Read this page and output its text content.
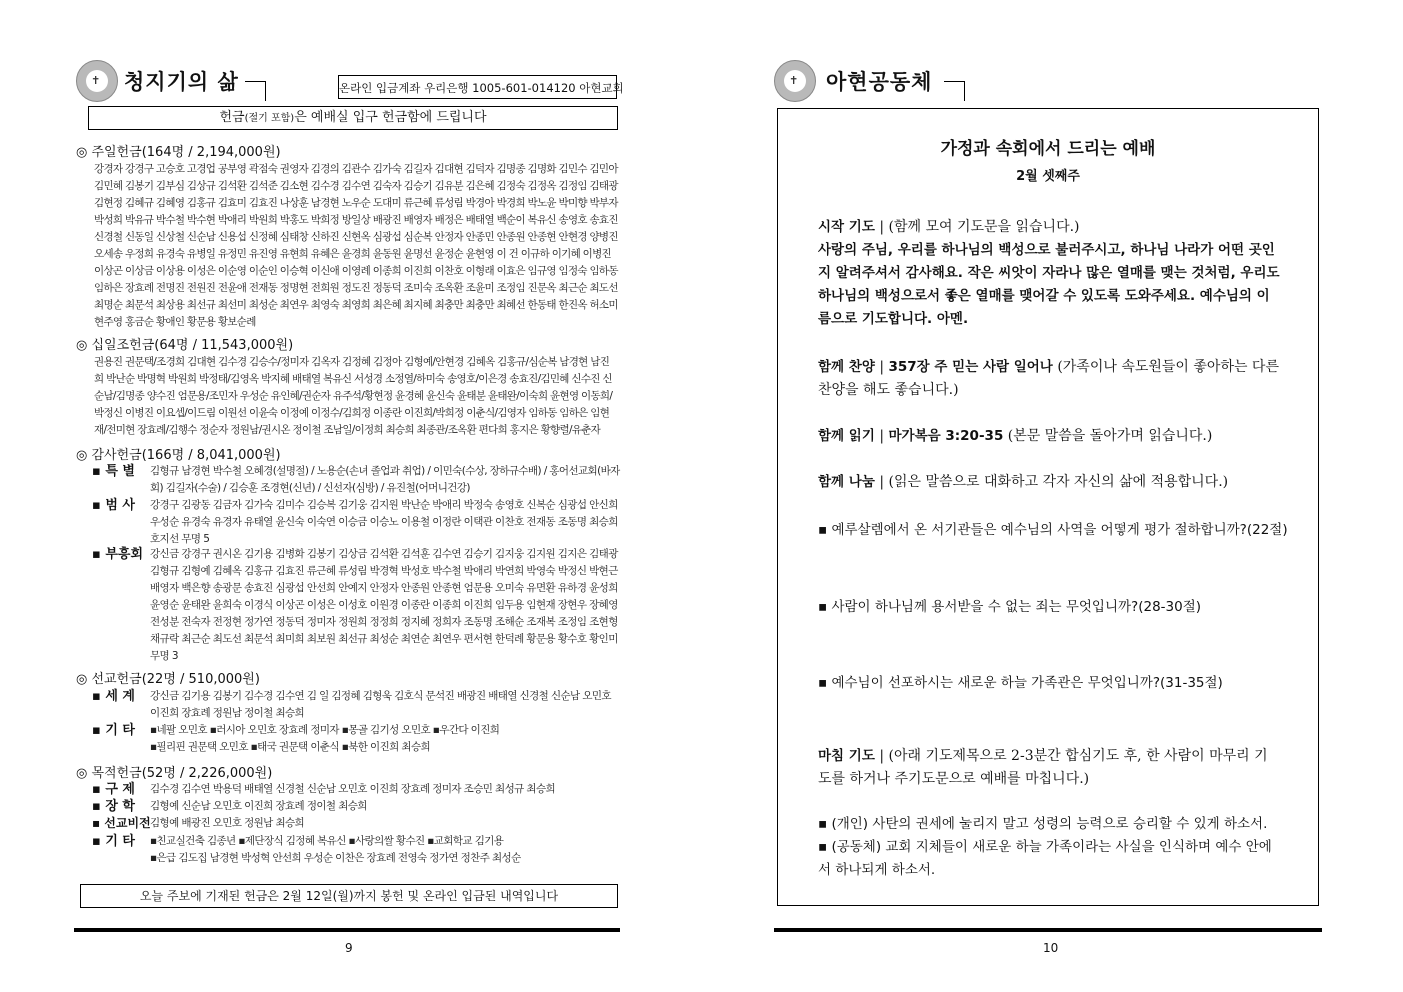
✝ 청지기의 삶	온라인 입금계좌 우리은행 1005-601-014120 아현교회
헌금(절기 포함)은 예배실 입구 헌금함에 드립니다
◎ 주일헌금(164명 / 2,194,000원)
강경자 강경구 고승호 고경업 공부영 곽점숙 권영자 김경의 김관수 김가숙 김길자 김대현 김덕자 김명종 김명화 김민수 김민아 김민혜 김봉기 김부심 김상규 김석환 김석준 김소현 김수경 김수연 김숙자 김승기 김유분 김은혜 김정숙 김정옥 김정임 김태광 김현정 김혜규 김혜영 김홍규 김효미 김효진 나상훈 남경현 노우순 도대미 류근혜 류성림 박경아 박경희 박노윤 박미향 박부자 박성희 박유규 박수철 박수현 박애리 박원희 박홍도 박희정 방일상 배광진 배영자 배정은 배태열 백순이 복유신 송영호 송효진 신경철 신동일 신상철 신순남 신용섭 신정혜 심태창 신하진 신현옥 심광섭 심순복 안정자 안종민 안종원 안종현 안현경 양병진 오세송 우정희 유경숙 유병일 유정민 유진영 유현희 유혜은 윤경희 윤동원 윤명선 윤정순 윤현영 이 건 이규하 이기혜 이병진 이상곤 이상금 이상용 이성은 이순영 이순인 이승혁 이신애 이영례 이종희 이진희 이찬호 이형래 이효은 임규영 임정숙 임하동 임하은 장효례 전명진 전원진 전윤애 전재동 정명현 전희원 정도진 정동덕 조미숙 조옥환 조윤미 조정임 진문옥 최근순 최도선 최명순 최문석 최상용 최선규 최선미 최성순 최연우 최영숙 최영희 최은혜 최지혜 최충만 최충만 최혜선 한동태 한진옥 허소미 현주영 홍금순 황애인 황문용 황보순례
◎ 십일조헌금(64명 / 11,543,000원)
권용진 권문택/조경희 김대현 김수경 김승수/정미자 김옥자 김정혜 김정아 김형예/안현경 김혜옥 김홍규/심순복 남경현 남진희 박난순 박명혁 박원희 박정태/김영옥 박지혜 배태열 복유신 서성경 소정열/하미숙 송영호/이은경 송효진/김민혜 신수진 신순남/김명종 양수진 엄문용/조민자 우성순 유인혜/권순자 유주석/황현정 윤경혜 윤신숙 윤태분 윤태완/이숙희 윤현영 이동희/박정신 이병진 이요셉/이드림 이원선 이윤숙 이정예 이정수/김희정 이종란 이진희/박희정 이춘식/김영자 임하동 임하은 임현재/전미현 장효례/김행수 정순자 정원남/권시온 정이철 조남일/이정희 최승희 최종관/조옥환 편다희 홍지은 황향렬/유춘자
◎ 감사헌금(166명 / 8,041,000원)
▪ 특 별 김형규 남경현 박수철 오혜경(설명절) / 노용순(손녀 졸업과 취업) / 이민숙(수상, 장하규수배) / 홍어선교회(바자회) 김길자(수술) / 김승훈 조경현(신년) / 신선자(심방) / 유진철(어머니건강)
▪ 범 사 강경구 김광동 김금자 김가숙 김미수 김승복 김기웅 김지원 박난순 박애리 박정숙 송영호 신복순 심광섭 안신희 우성순 유경숙 유경자 유태열 윤신숙 이숙연 이승금 이승노 이용철 이정란 이택관 이찬호 전재동 조동명 최승희 호지선 무명 5
▪ 부흥회 강신금 강경구 권시온 김기용 김병화 김봉기 김상금 김석환 김석훈 김수연 김승기 김지웅 김지원 김지은 김태광 김형규 김형예 김혜옥 김홍규 김효진 류근혜 류성림 박경혁 박성호 박수철 박애리 박연희 박영숙 박정신 박현근 배영자 백은향 송광문 송효진 심광섭 안선희 안예지 안정자 안종원 안종현 엄문용 오미숙 유면환 유하경 윤성희 윤영순 윤태완 윤희숙 이경식 이상곤 이성은 이성호 이원경 이종란 이종희 이진희 임두용 임현재 장현우 장혜영 전성분 전숙자 전정현 정가연 정동덕 정미자 정원희 정정희 정지혜 정희자 조동명 조해순 조재복 조정임 조현형 채규락 최근순 최도선 최문석 최미희 최보원 최선규 최성순 최연순 최연우 편서현 한덕례 황문용 황수호 황인미 무명 3
◎ 선교헌금(22명 / 510,000원)
▪ 세 계 강신금 김기용 김봉기 김수경 김수연 김 일 김정혜 김형욱 김호식 문석진 배광진 배태열 신경철 신순남 오민호 이진희 장효례 정원남 정이철 최승희
▪ 기 타 ▪네팔 오민호 ▪러시아 오민호 장효례 정미자 ▪몽골 김기성 오민호 ▪우간다 이진희
▪필리핀 권문택 오민호 ▪태국 권문택 이춘식 ▪북한 이진희 최승희
◎ 목적헌금(52명 / 2,226,000원)
▪ 구 제 김수경 김수연 박용덕 배태열 신경철 신순남 오민호 이진희 장효례 정미자 조승민 최성규 최승희
▪ 장 학 김형예 신순남 오민호 이진희 장효례 정이철 최승희
▪ 선교비전 김형예 배광진 오민호 정원남 최승희
▪ 기 타 ▪친교실건축 김종년 ▪제단장식 김정혜 복유신 ▪사랑의쌀 황수진 ▪교회학교 김기용
▪은급 김도집 남경현 박성혁 안선희 우성순 이찬은 장효례 전영숙 정가연 정찬주 최성순
오늘 주보에 기재된 헌금은 2월 12일(월)까지 봉헌 및 온라인 입금된 내역입니다
9
✝ 아현공동체
가정과 속회에서 드리는 예배
2월 셋째주
시작 기도 | (함께 모여 기도문을 읽습니다.)
사랑의 주님, 우리를 하나님의 백성으로 불러주시고, 하나님 나라가 어떤 곳인지 알려주셔서 감사해요. 작은 씨앗이 자라나 많은 열매를 맺는 것처럼, 우리도 하나님의 백성으로서 좋은 열매를 맺어갈 수 있도록 도와주세요. 예수님의 이름으로 기도합니다. 아멘.
함께 찬양 | 357장 주 믿는 사람 일어나 (가족이나 속도원들이 좋아하는 다른 찬양을 해도 좋습니다.)
함께 읽기 | 마가복음 3:20-35 (본문 말씀을 돌아가며 읽습니다.)
함께 나눔 | (읽은 말씀으로 대화하고 각자 자신의 삶에 적용합니다.)
▪ 예루살렘에서 온 서기관들은 예수님의 사역을 어떻게 평가 절하합니까?(22절)
▪ 사람이 하나님께 용서받을 수 없는 죄는 무엇입니까?(28-30절)
▪ 예수님이 선포하시는 새로운 하늘 가족관은 무엇입니까?(31-35절)
마침 기도 | (아래 기도제목으로 2-3분간 합심기도 후, 한 사람이 마무리 기도를 하거나 주기도문으로 예배를 마칩니다.)
▪ (개인) 사탄의 권세에 눌리지 말고 성령의 능력으로 승리할 수 있게 하소서.
▪ (공동체) 교회 지체들이 새로운 하늘 가족이라는 사실을 인식하며 예수 안에서 하나되게 하소서.
10
